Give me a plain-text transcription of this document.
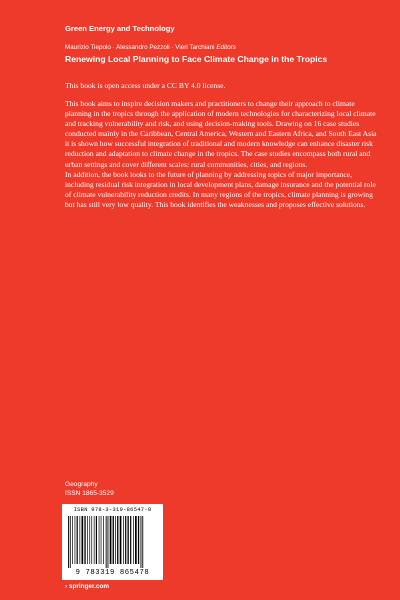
Green Energy and Technology
Maurizio Tiepolo · Alessandro Pezzoli · Vieri Tarchiani Editors
Renewing Local Planning to Face Climate Change in the Tropics
This book is open access under a CC BY 4.0 license.

This book aims to inspire decision makers and practitioners to change their approach to climate planning in the tropics through the application of modern technologies for characterizing local climate and tracking vulnerability and risk, and using decision-making tools. Drawing on 16 case studies conducted mainly in the Caribbean, Central America, Western and Eastern Africa, and South East Asia it is shown how successful integration of traditional and modern knowledge can enhance disaster risk reduction and adaptation to climate change in the tropics. The case studies encompass both rural and urban settings and cover different scales: rural communities, cities, and regions.

In addition, the book looks to the future of planning by addressing topics of major importance, including residual risk integration in local development plans, damage insurance and the potential role of climate vulnerability reduction credits. In many regions of the tropics, climate planning is growing but has still very low quality. This book identifies the weaknesses and proposes effective solutions.

Geography
ISSN 1865-3529
ISBN 978-3-319-86547-8
9 783319 865478
› springer.com
